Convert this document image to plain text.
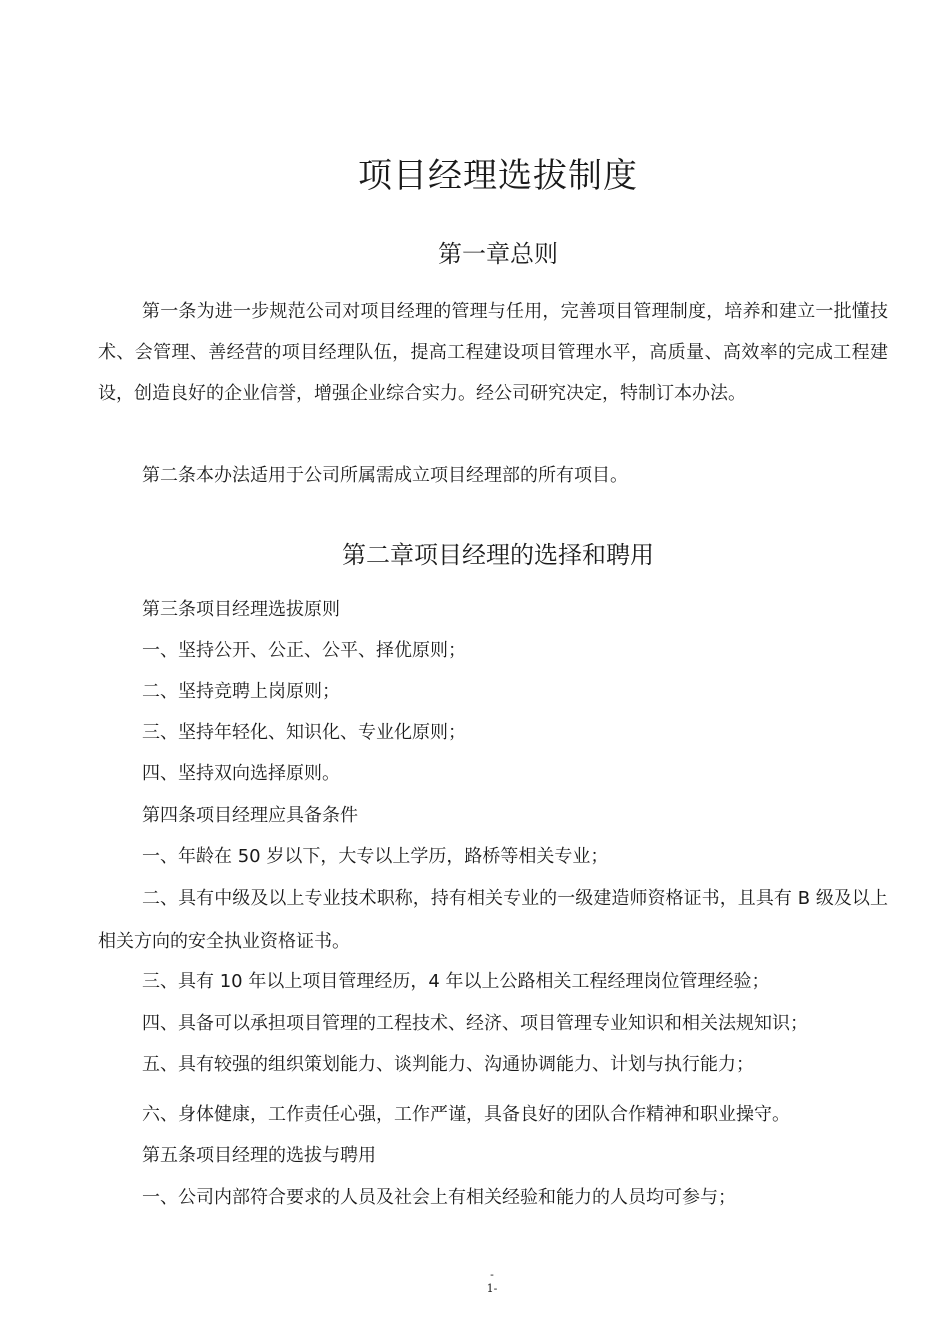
项目经理选拔制度
第一章总则

第一条为进一步规范公司对项目经理的管理与任用，完善项目管理制度，培养和建立一批懂技术、会管理、善经营的项目经理队伍，提高工程建设项目管理水平，高质量、高效率的完成工程建设，创造良好的企业信誉，增强企业综合实力。经公司研究决定，特制订本办法。

第二条本办法适用于公司所属需成立项目经理部的所有项目。

第二章项目经理的选择和聘用

第三条项目经理选拔原则

一、坚持公开、公正、公平、择优原则；

二、坚持竞聘上岗原则；

三、坚持年轻化、知识化、专业化原则；

四、坚持双向选择原则。

第四条项目经理应具备条件

一、年龄在 50 岁以下，大专以上学历，路桥等相关专业；

二、具有中级及以上专业技术职称，持有相关专业的一级建造师资格证书，且具有 B 级及以上相关方向的安全执业资格证书。

三、具有 10 年以上项目管理经历，4 年以上公路相关工程经理岗位管理经验；

四、具备可以承担项目管理的工程技术、经济、项目管理专业知识和相关法规知识；

五、具有较强的组织策划能力、谈判能力、沟通协调能力、计划与执行能力；

六、身体健康，工作责任心强，工作严谨，具备良好的团队合作精神和职业操守。

第五条项目经理的选拔与聘用

一、公司内部符合要求的人员及社会上有相关经验和能力的人员均可参与；

-
1-
